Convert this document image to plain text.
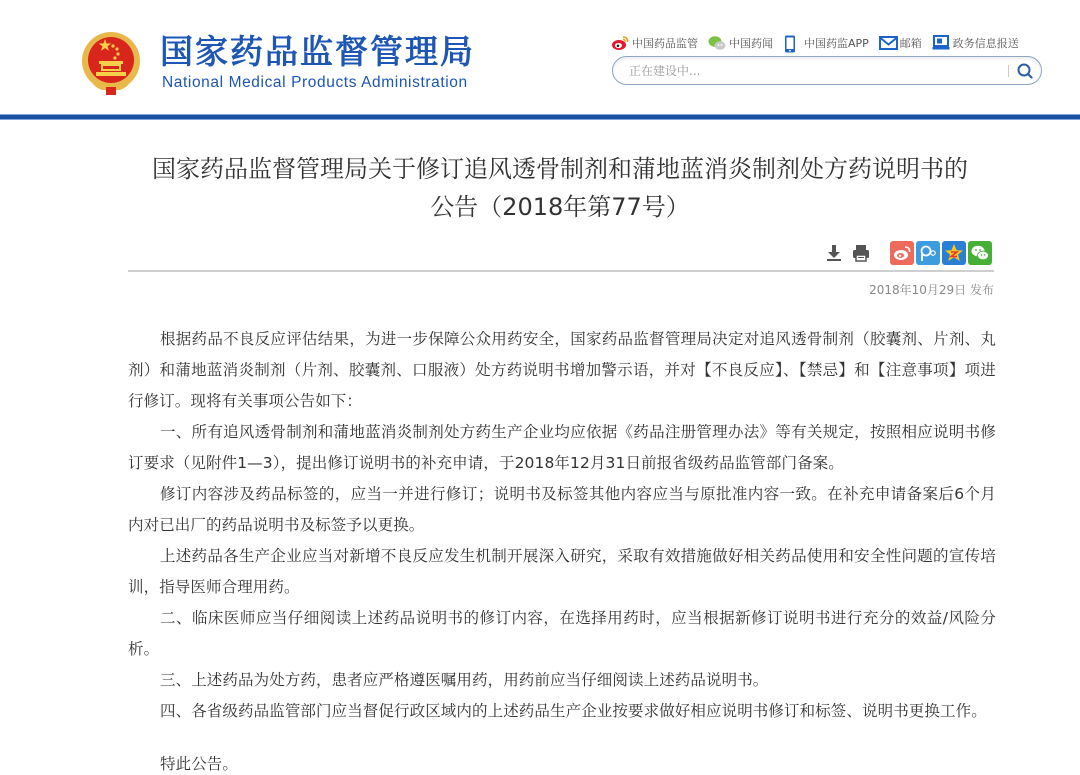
国家药品监督管理局
National Medical Products Administration
中国药品监管	中国药闻	中国药监APP	邮箱	政务信息报送
正在建设中...
国家药品监督管理局关于修订追风透骨制剂和蒲地蓝消炎制剂处方药说明书的
公告（2018年第77号）
2018年10月29日 发布

根据药品不良反应评估结果，为进一步保障公众用药安全，国家药品监督管理局决定对追风透骨制剂（胶囊剂、片剂、丸剂）和蒲地蓝消炎制剂（片剂、胶囊剂、口服液）处方药说明书增加警示语，并对【不良反应】、【禁忌】和【注意事项】项进行修订。现将有关事项公告如下：

一、所有追风透骨制剂和蒲地蓝消炎制剂处方药生产企业均应依据《药品注册管理办法》等有关规定，按照相应说明书修订要求（见附件1—3），提出修订说明书的补充申请，于2018年12月31日前报省级药品监管部门备案。

修订内容涉及药品标签的，应当一并进行修订；说明书及标签其他内容应当与原批准内容一致。在补充申请备案后6个月内对已出厂的药品说明书及标签予以更换。

上述药品各生产企业应当对新增不良反应发生机制开展深入研究，采取有效措施做好相关药品使用和安全性问题的宣传培训，指导医师合理用药。

二、临床医师应当仔细阅读上述药品说明书的修订内容，在选择用药时，应当根据新修订说明书进行充分的效益/风险分析。

三、上述药品为处方药，患者应严格遵医嘱用药，用药前应当仔细阅读上述药品说明书。

四、各省级药品监管部门应当督促行政区域内的上述药品生产企业按要求做好相应说明书修订和标签、说明书更换工作。

特此公告。
